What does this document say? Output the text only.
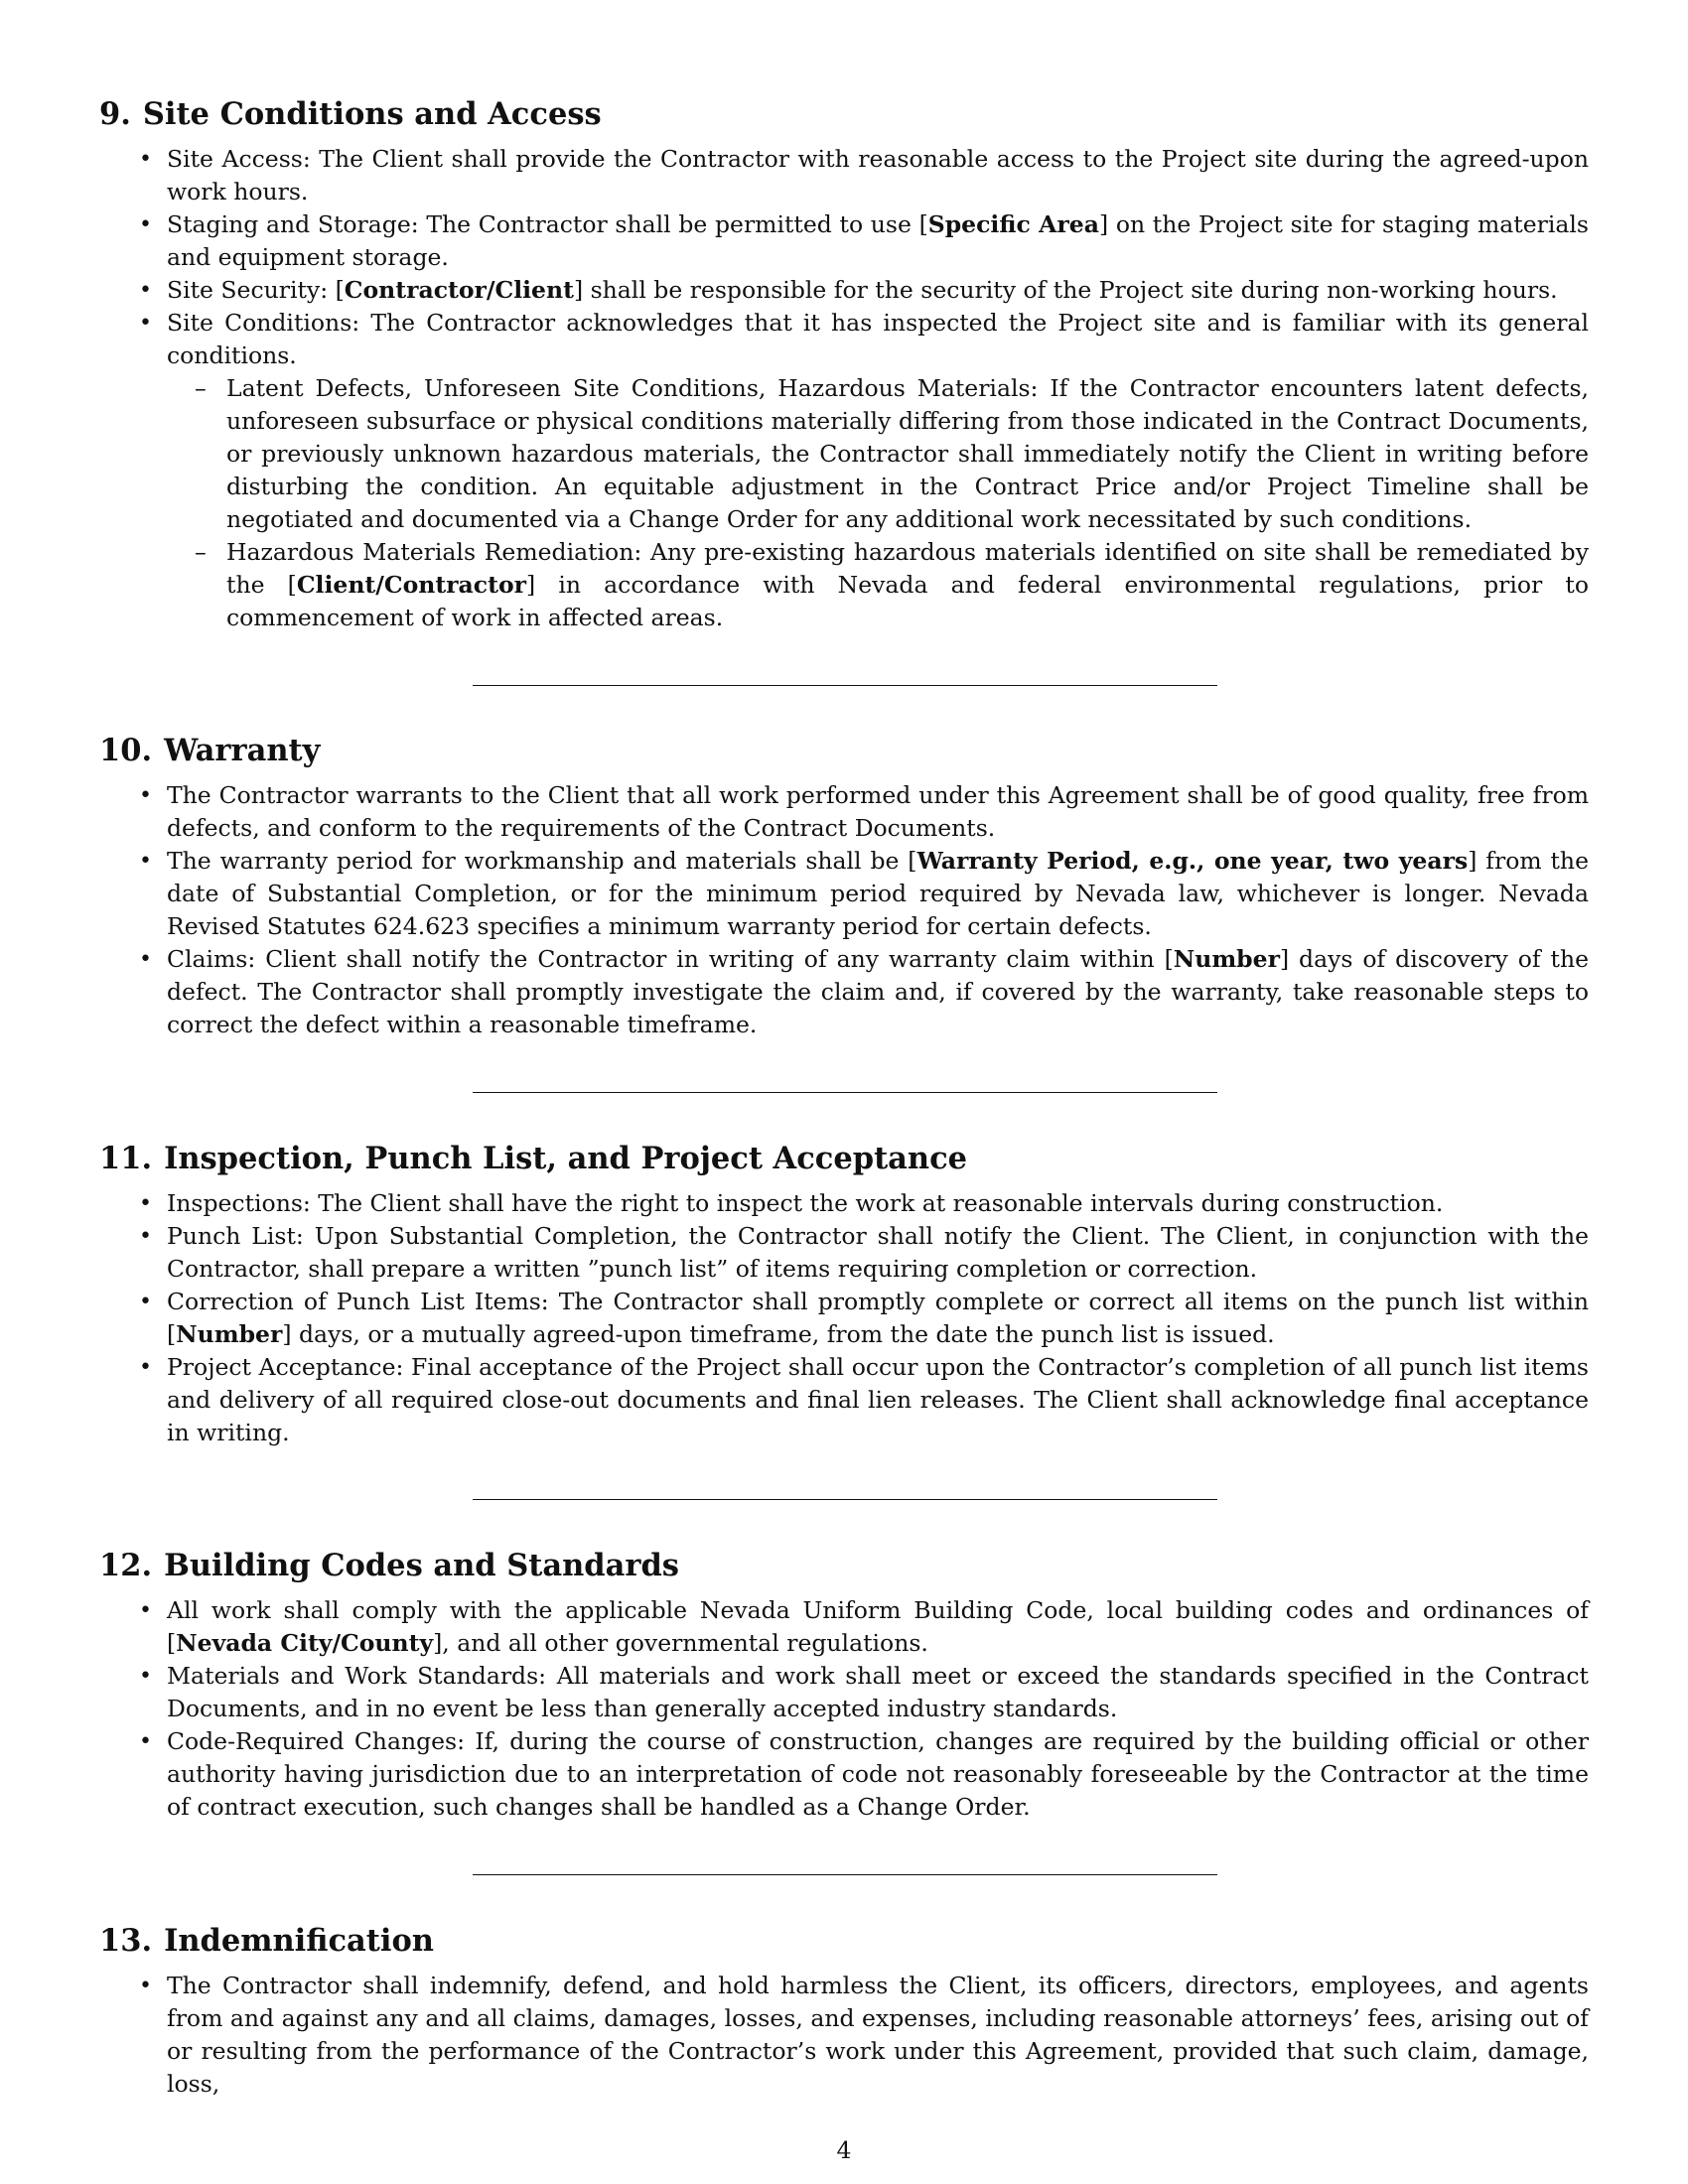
9. Site Conditions and Access
• Site Access: The Client shall provide the Contractor with reasonable access to the Project site during the agreed-upon work hours.
• Staging and Storage: The Contractor shall be permitted to use [Specific Area] on the Project site for staging materials and equipment storage.
• Site Security: [Contractor/Client] shall be responsible for the security of the Project site during non-working hours.
• Site Conditions: The Contractor acknowledges that it has inspected the Project site and is familiar with its general conditions.
– Latent Defects, Unforeseen Site Conditions, Hazardous Materials: If the Contractor encounters latent defects, unforeseen subsurface or physical conditions materially differing from those indicated in the Contract Documents, or previously unknown hazardous materials, the Contractor shall immediately notify the Client in writing before disturbing the condition. An equitable adjustment in the Contract Price and/or Project Timeline shall be negotiated and documented via a Change Order for any additional work necessitated by such conditions.
– Hazardous Materials Remediation: Any pre-existing hazardous materials identified on site shall be remediated by the [Client/Contractor] in accordance with Nevada and federal environmental regulations, prior to commencement of work in affected areas.
10. Warranty
• The Contractor warrants to the Client that all work performed under this Agreement shall be of good quality, free from defects, and conform to the requirements of the Contract Documents.
• The warranty period for workmanship and materials shall be [Warranty Period, e.g., one year, two years] from the date of Substantial Completion, or for the minimum period required by Nevada law, whichever is longer. Nevada Revised Statutes 624.623 specifies a minimum warranty period for certain defects.
• Claims: Client shall notify the Contractor in writing of any warranty claim within [Number] days of discovery of the defect. The Contractor shall promptly investigate the claim and, if covered by the warranty, take reasonable steps to correct the defect within a reasonable timeframe.
11. Inspection, Punch List, and Project Acceptance
• Inspections: The Client shall have the right to inspect the work at reasonable intervals during construction.
• Punch List: Upon Substantial Completion, the Contractor shall notify the Client. The Client, in conjunction with the Contractor, shall prepare a written ”punch list” of items requiring completion or correction.
• Correction of Punch List Items: The Contractor shall promptly complete or correct all items on the punch list within [Number] days, or a mutually agreed-upon timeframe, from the date the punch list is issued.
• Project Acceptance: Final acceptance of the Project shall occur upon the Contractor’s completion of all punch list items and delivery of all required close-out documents and final lien releases. The Client shall acknowledge final acceptance in writing.
12. Building Codes and Standards
• All work shall comply with the applicable Nevada Uniform Building Code, local building codes and ordinances of [Nevada City/County], and all other governmental regulations.
• Materials and Work Standards: All materials and work shall meet or exceed the standards specified in the Contract Documents, and in no event be less than generally accepted industry standards.
• Code-Required Changes: If, during the course of construction, changes are required by the building official or other authority having jurisdiction due to an interpretation of code not reasonably foreseeable by the Contractor at the time of contract execution, such changes shall be handled as a Change Order.
13. Indemnification
• The Contractor shall indemnify, defend, and hold harmless the Client, its officers, directors, employees, and agents from and against any and all claims, damages, losses, and expenses, including reasonable attorneys’ fees, arising out of or resulting from the performance of the Contractor’s work under this Agreement, provided that such claim, damage, loss,
4
